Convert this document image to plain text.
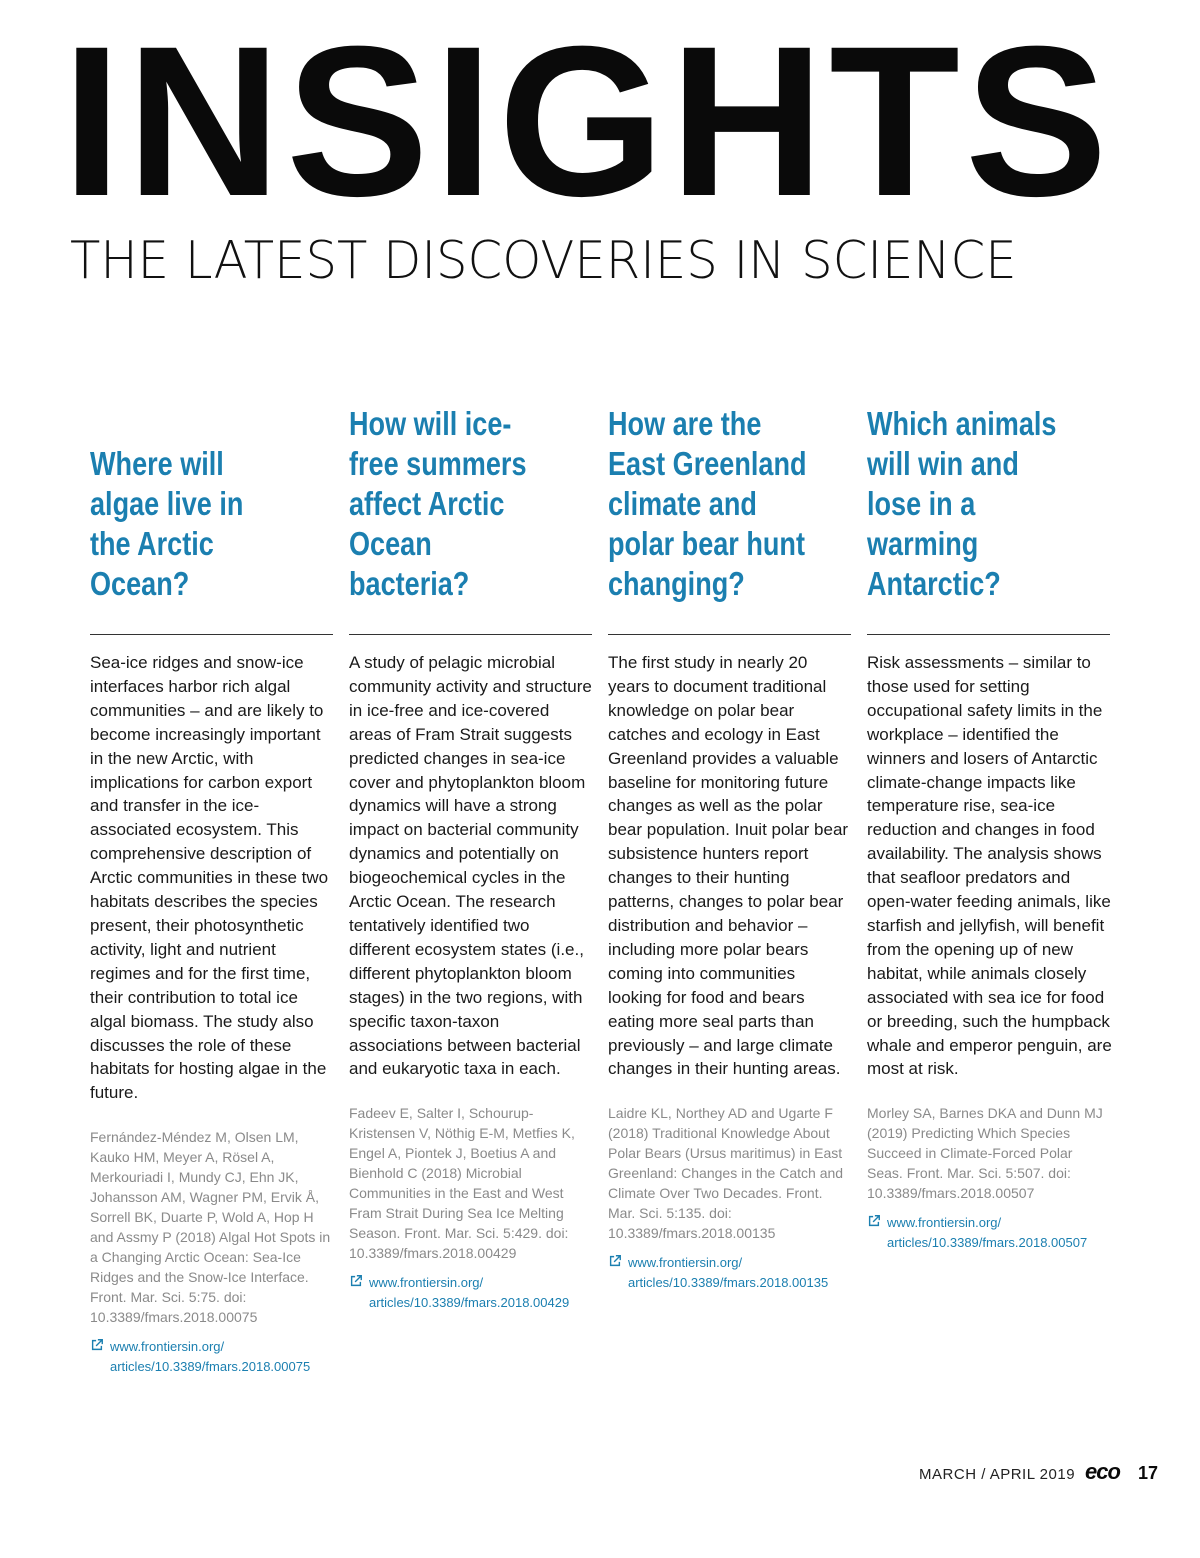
INSIGHTS
THE LATEST DISCOVERIES IN SCIENCE
Where will algae live in the Arctic Ocean?
Sea-ice ridges and snow-ice interfaces harbor rich algal communities – and are likely to become increasingly important in the new Arctic, with implications for carbon export and transfer in the ice-associated ecosystem. This comprehensive description of Arctic communities in these two habitats describes the species present, their photosynthetic activity, light and nutrient regimes and for the first time, their contribution to total ice algal biomass. The study also discusses the role of these habitats for hosting algae in the future.
Fernández-Méndez M, Olsen LM, Kauko HM, Meyer A, Rösel A, Merkouriadi I, Mundy CJ, Ehn JK, Johansson AM, Wagner PM, Ervik Å, Sorrell BK, Duarte P, Wold A, Hop H and Assmy P (2018) Algal Hot Spots in a Changing Arctic Ocean: Sea-Ice Ridges and the Snow-Ice Interface. Front. Mar. Sci. 5:75. doi: 10.3389/fmars.2018.00075
www.frontiersin.org/
articles/10.3389/fmars.2018.00075
How will ice-free summers affect Arctic Ocean bacteria?
A study of pelagic microbial community activity and structure in ice-free and ice-covered areas of Fram Strait suggests predicted changes in sea-ice cover and phytoplankton bloom dynamics will have a strong impact on bacterial community dynamics and potentially on biogeochemical cycles in the Arctic Ocean. The research tentatively identified two different ecosystem states (i.e., different phytoplankton bloom stages) in the two regions, with specific taxon-taxon associations between bacterial and eukaryotic taxa in each.
Fadeev E, Salter I, Schourup-Kristensen V, Nöthig E-M, Metfies K, Engel A, Piontek J, Boetius A and Bienhold C (2018) Microbial Communities in the East and West Fram Strait During Sea Ice Melting Season. Front. Mar. Sci. 5:429. doi: 10.3389/fmars.2018.00429
www.frontiersin.org/
articles/10.3389/fmars.2018.00429
How are the East Greenland climate and polar bear hunt changing?
The first study in nearly 20 years to document traditional knowledge on polar bear catches and ecology in East Greenland provides a valuable baseline for monitoring future changes as well as the polar bear population. Inuit polar bear subsistence hunters report changes to their hunting patterns, changes to polar bear distribution and behavior – including more polar bears coming into communities looking for food and bears eating more seal parts than previously – and large climate changes in their hunting areas.
Laidre KL, Northey AD and Ugarte F (2018) Traditional Knowledge About Polar Bears (Ursus maritimus) in East Greenland: Changes in the Catch and Climate Over Two Decades. Front. Mar. Sci. 5:135. doi: 10.3389/fmars.2018.00135
www.frontiersin.org/
articles/10.3389/fmars.2018.00135
Which animals will win and lose in a warming Antarctic?
Risk assessments – similar to those used for setting occupational safety limits in the workplace – identified the winners and losers of Antarctic climate-change impacts like temperature rise, sea-ice reduction and changes in food availability. The analysis shows that seafloor predators and open-water feeding animals, like starfish and jellyfish, will benefit from the opening up of new habitat, while animals closely associated with sea ice for food or breeding, such the humpback whale and emperor penguin, are most at risk.
Morley SA, Barnes DKA and Dunn MJ (2019) Predicting Which Species Succeed in Climate-Forced Polar Seas. Front. Mar. Sci. 5:507. doi: 10.3389/fmars.2018.00507
www.frontiersin.org/
articles/10.3389/fmars.2018.00507
MARCH / APRIL 2019 eco 17
